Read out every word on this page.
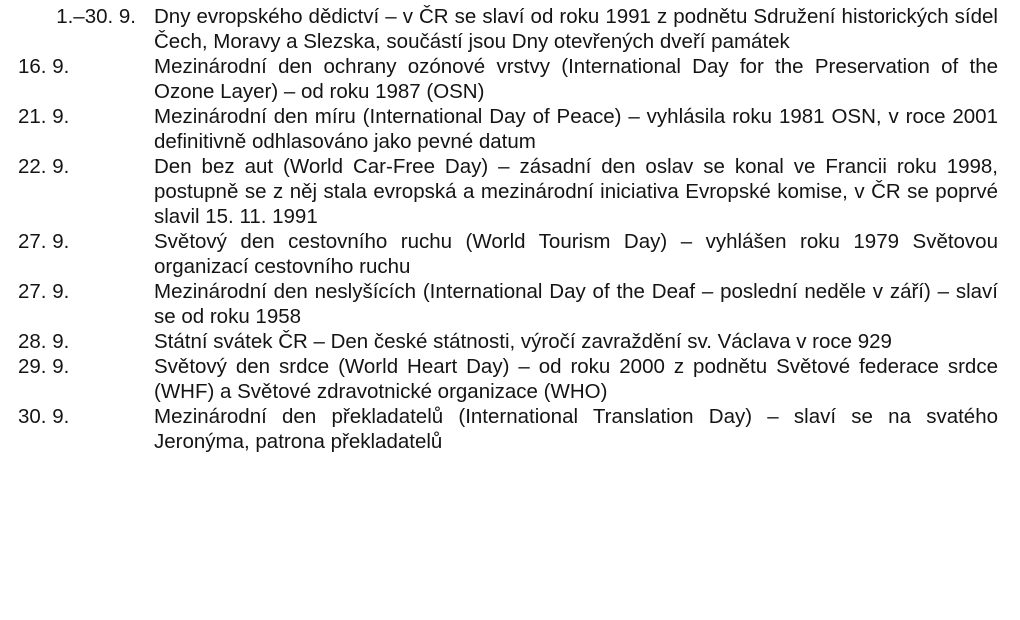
1.–30. 9. Dny evropského dědictví – v ČR se slaví od roku 1991 z podnětu Sdružení historických sídel Čech, Moravy a Slezska, součástí jsou Dny otevřených dveří památek
16. 9.	Mezinárodní den ochrany ozónové vrstvy (International Day for the Preservation of the Ozone Layer) – od roku 1987 (OSN)
21. 9.	Mezinárodní den míru (International Day of Peace) – vyhlásila roku 1981 OSN, v roce 2001 definitivně odhlasováno jako pevné datum
22. 9.	Den bez aut (World Car-Free Day) – zásadní den oslav se konal ve Francii roku 1998, postupně se z něj stala evropská a mezinárodní iniciativa Evropské komise, v ČR se poprvé slavil 15. 11. 1991
27. 9.	Světový den cestovního ruchu (World Tourism Day) – vyhlášen roku 1979 Světovou organizací cestovního ruchu
27. 9.	Mezinárodní den neslyšících (International Day of the Deaf – poslední neděle v září) – slaví se od roku 1958
28. 9.	Státní svátek ČR – Den české státnosti, výročí zavraždění sv. Václava v roce 929
29. 9.	Světový den srdce (World Heart Day) – od roku 2000 z podnětu Světové federace srdce (WHF) a Světové zdravotnické organizace (WHO)
30. 9.	Mezinárodní den překladatelů (International Translation Day) – slaví se na svatého Jeronýma, patrona překladatelů
